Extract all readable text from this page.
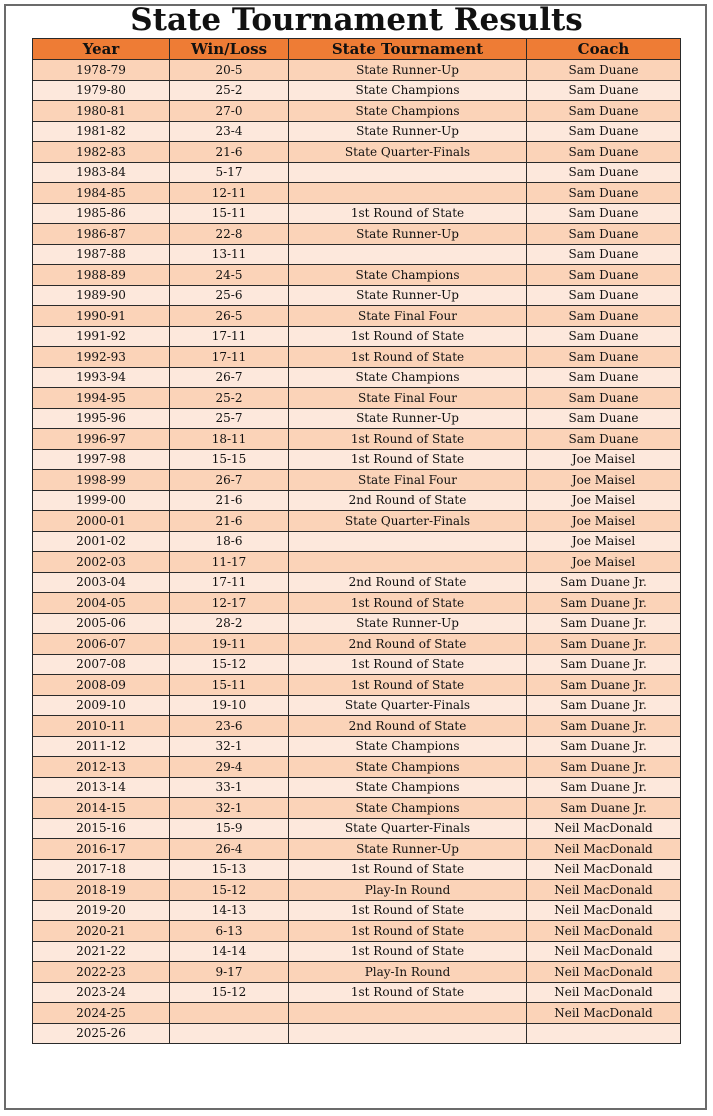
State Tournament Results
Year	Win/Loss	State Tournament	Coach
1978-79	20-5	State Runner-Up	Sam Duane
1979-80	25-2	State Champions	Sam Duane
1980-81	27-0	State Champions	Sam Duane
1981-82	23-4	State Runner-Up	Sam Duane
1982-83	21-6	State Quarter-Finals	Sam Duane
1983-84	5-17		Sam Duane
1984-85	12-11		Sam Duane
1985-86	15-11	1st Round of State	Sam Duane
1986-87	22-8	State Runner-Up	Sam Duane
1987-88	13-11		Sam Duane
1988-89	24-5	State Champions	Sam Duane
1989-90	25-6	State Runner-Up	Sam Duane
1990-91	26-5	State Final Four	Sam Duane
1991-92	17-11	1st Round of State	Sam Duane
1992-93	17-11	1st Round of State	Sam Duane
1993-94	26-7	State Champions	Sam Duane
1994-95	25-2	State Final Four	Sam Duane
1995-96	25-7	State Runner-Up	Sam Duane
1996-97	18-11	1st Round of State	Sam Duane
1997-98	15-15	1st Round of State	Joe Maisel
1998-99	26-7	State Final Four	Joe Maisel
1999-00	21-6	2nd Round of State	Joe Maisel
2000-01	21-6	State Quarter-Finals	Joe Maisel
2001-02	18-6		Joe Maisel
2002-03	11-17		Joe Maisel
2003-04	17-11	2nd Round of State	Sam Duane Jr.
2004-05	12-17	1st Round of State	Sam Duane Jr.
2005-06	28-2	State Runner-Up	Sam Duane Jr.
2006-07	19-11	2nd Round of State	Sam Duane Jr.
2007-08	15-12	1st Round of State	Sam Duane Jr.
2008-09	15-11	1st Round of State	Sam Duane Jr.
2009-10	19-10	State Quarter-Finals	Sam Duane Jr.
2010-11	23-6	2nd Round of State	Sam Duane Jr.
2011-12	32-1	State Champions	Sam Duane Jr.
2012-13	29-4	State Champions	Sam Duane Jr.
2013-14	33-1	State Champions	Sam Duane Jr.
2014-15	32-1	State Champions	Sam Duane Jr.
2015-16	15-9	State Quarter-Finals	Neil MacDonald
2016-17	26-4	State Runner-Up	Neil MacDonald
2017-18	15-13	1st Round of State	Neil MacDonald
2018-19	15-12	Play-In Round	Neil MacDonald
2019-20	14-13	1st Round of State	Neil MacDonald
2020-21	6-13	1st Round of State	Neil MacDonald
2021-22	14-14	1st Round of State	Neil MacDonald
2022-23	9-17	Play-In Round	Neil MacDonald
2023-24	15-12	1st Round of State	Neil MacDonald
2024-25			Neil MacDonald
2025-26			
